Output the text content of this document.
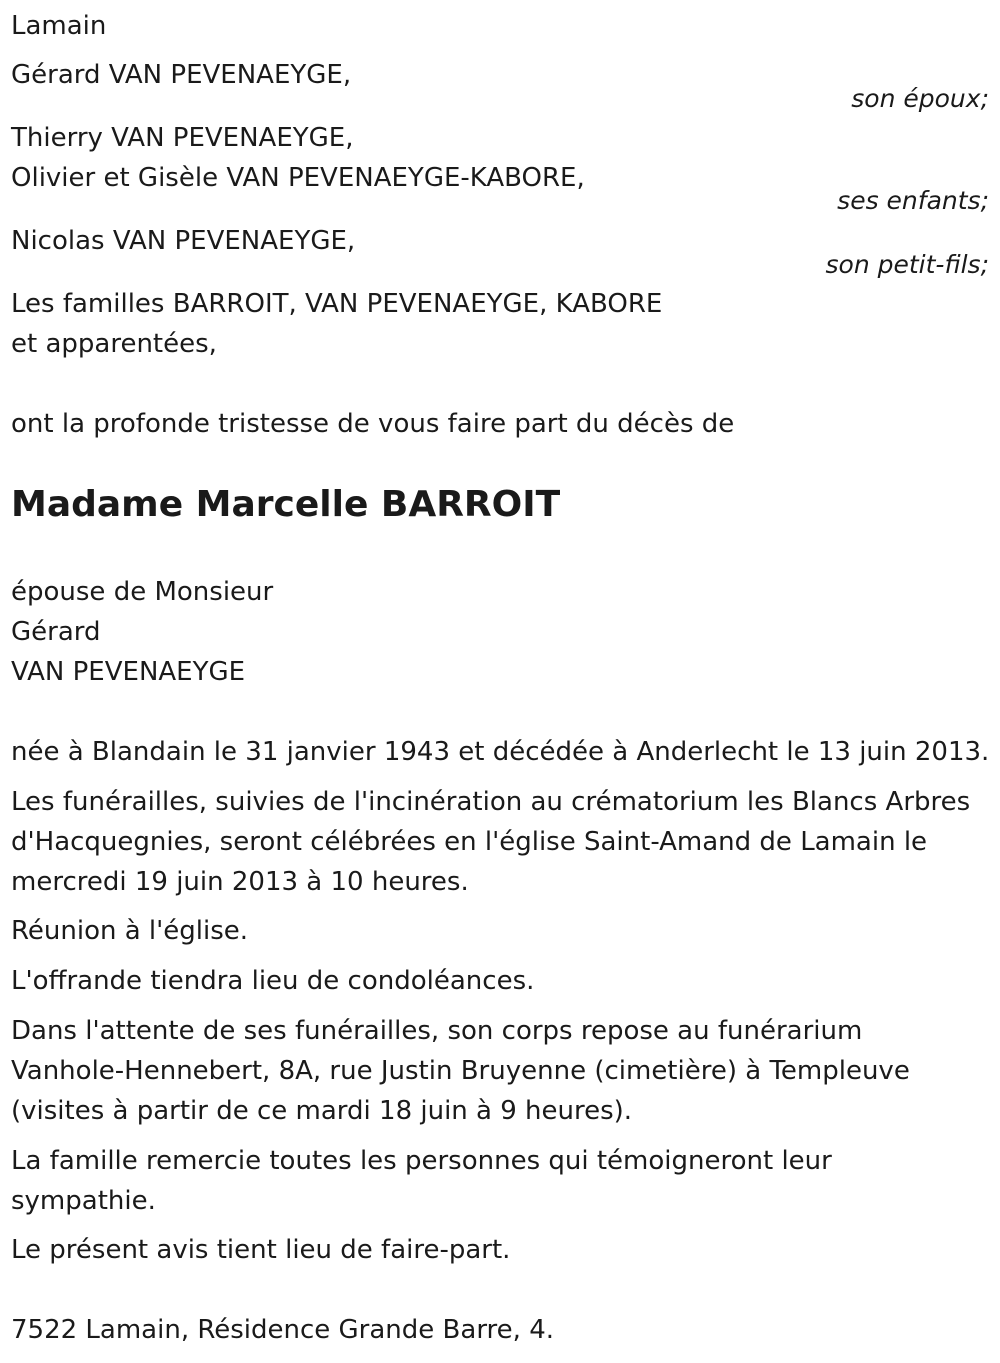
Lamain
Gérard VAN PEVENAEYGE,
son époux;
Thierry VAN PEVENAEYGE,
Olivier et Gisèle VAN PEVENAEYGE-KABORE,
ses enfants;
Nicolas VAN PEVENAEYGE,
son petit-fils;
Les familles BARROIT, VAN PEVENAEYGE, KABORE
et apparentées,
ont la profonde tristesse de vous faire part du décès de
Madame Marcelle BARROIT
épouse de Monsieur
Gérard
VAN PEVENAEYGE
née à Blandain le 31 janvier 1943 et décédée à Anderlecht le 13 juin 2013.
Les funérailles, suivies de l'incinération au crématorium les Blancs Arbres
d'Hacquegnies, seront célébrées en l'église Saint-Amand de Lamain le
mercredi 19 juin 2013 à 10 heures.
Réunion à l'église.
L'offrande tiendra lieu de condoléances.
Dans l'attente de ses funérailles, son corps repose au funérarium
Vanhole-Hennebert, 8A, rue Justin Bruyenne (cimetière) à Templeuve
(visites à partir de ce mardi 18 juin à 9 heures).
La famille remercie toutes les personnes qui témoigneront leur
sympathie.
Le présent avis tient lieu de faire-part.
7522 Lamain, Résidence Grande Barre, 4.
